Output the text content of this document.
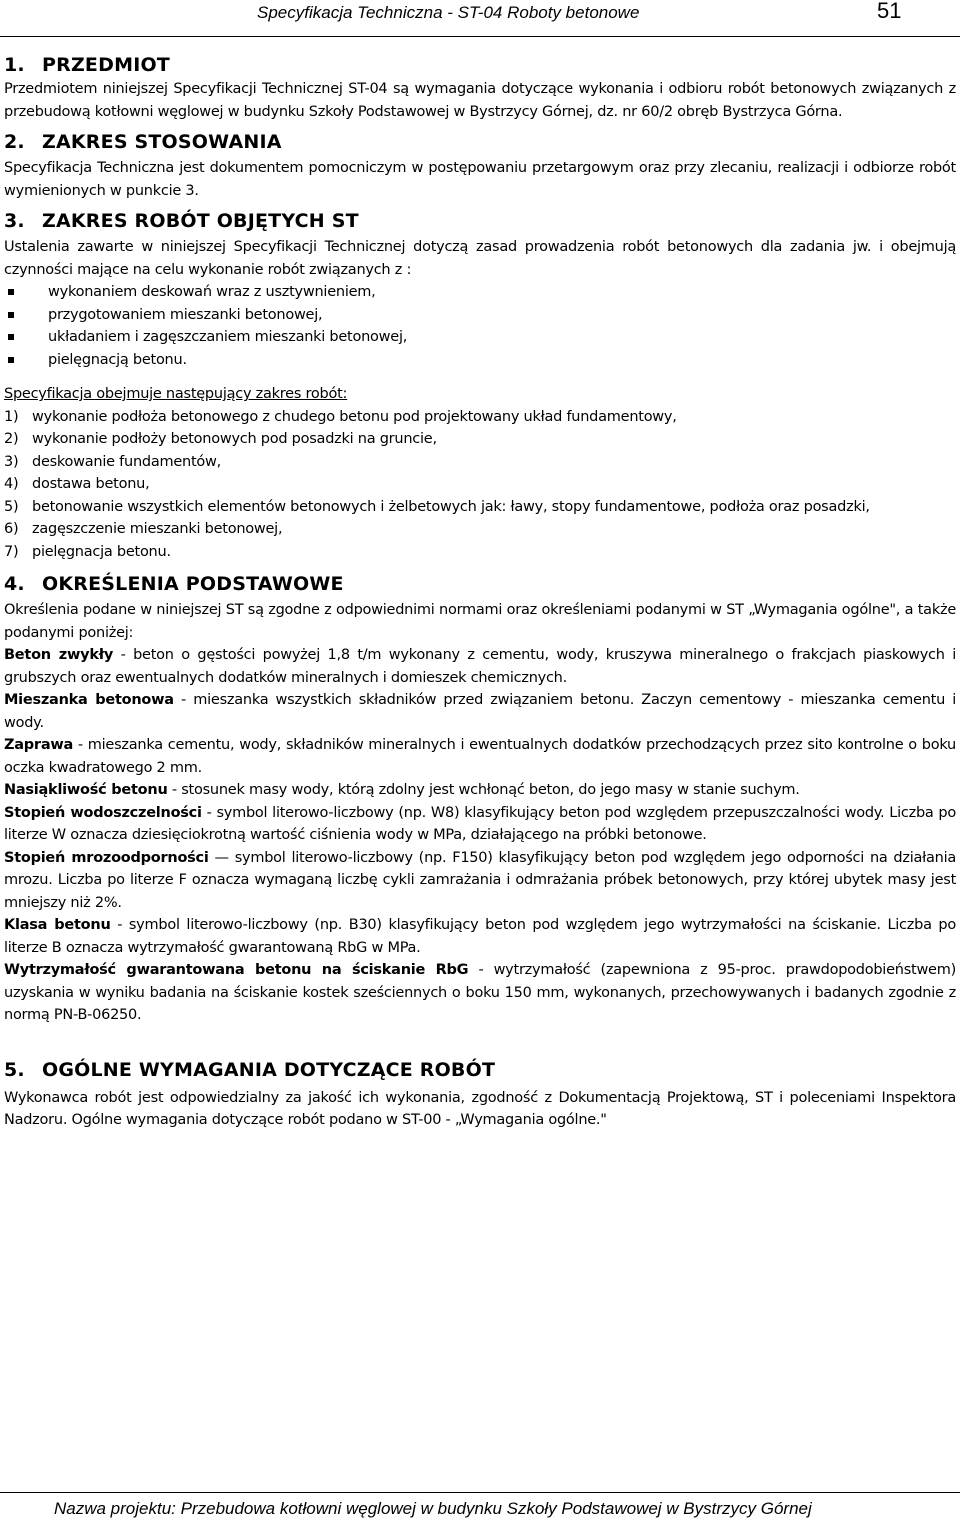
Specyfikacja Techniczna - ST-04 Roboty betonowe	51
1. PRZEDMIOT

Przedmiotem niniejszej Specyfikacji Technicznej ST-04 są wymagania dotyczące wykonania i odbioru robót betonowych związanych z przebudową kotłowni węglowej w budynku Szkoły Podstawowej w Bystrzycy Górnej, dz. nr 60/2 obręb Bystrzyca Górna.

2. ZAKRES STOSOWANIA

Specyfikacja Techniczna jest dokumentem pomocniczym w postępowaniu przetargowym oraz przy zlecaniu, realizacji i odbiorze robót wymienionych w punkcie 3.

3. ZAKRES ROBÓT OBJĘTYCH ST

Ustalenia zawarte w niniejszej Specyfikacji Technicznej dotyczą zasad prowadzenia robót betonowych dla zadania jw. i obejmują czynności mające na celu wykonanie robót związanych z :

wykonaniem deskowań wraz z usztywnieniem,
przygotowaniem mieszanki betonowej,
układaniem i zagęszczaniem mieszanki betonowej,
pielęgnacją betonu.

Specyfikacja obejmuje następujący zakres robót:

1) wykonanie podłoża betonowego z chudego betonu pod projektowany układ fundamentowy,
2) wykonanie podłoży betonowych pod posadzki na gruncie,
3) deskowanie fundamentów,
4) dostawa betonu,
5) betonowanie wszystkich elementów betonowych i żelbetowych jak: ławy, stopy fundamentowe, podłoża oraz posadzki,
6) zagęszczenie mieszanki betonowej,
7) pielęgnacja betonu.
4. OKREŚLENIA PODSTAWOWE

Określenia podane w niniejszej ST są zgodne z odpowiednimi normami oraz określeniami podanymi w ST „Wymagania ogólne", a także podanymi poniżej:

Beton zwykły - beton o gęstości powyżej 1,8 t/m wykonany z cementu, wody, kruszywa mineralnego o frakcjach piaskowych i grubszych oraz ewentualnych dodatków mineralnych i domieszek chemicznych.

Mieszanka betonowa - mieszanka wszystkich składników przed związaniem betonu. Zaczyn cementowy - mieszanka cementu i wody.

Zaprawa - mieszanka cementu, wody, składników mineralnych i ewentualnych dodatków przechodzących przez sito kontrolne o boku oczka kwadratowego 2 mm.

Nasiąkliwość betonu - stosunek masy wody, którą zdolny jest wchłonąć beton, do jego masy w stanie suchym.

Stopień wodoszczelności - symbol literowo-liczbowy (np. W8) klasyfikujący beton pod względem przepuszczalności wody. Liczba po literze W oznacza dziesięciokrotną wartość ciśnienia wody w MPa, działającego na próbki betonowe.

Stopień mrozoodporności — symbol literowo-liczbowy (np. F150) klasyfikujący beton pod względem jego odporności na działania mrozu. Liczba po literze F oznacza wymaganą liczbę cykli zamrażania i odmrażania próbek betonowych, przy której ubytek masy jest mniejszy niż 2%.

Klasa betonu - symbol literowo-liczbowy (np. B30) klasyfikujący beton pod względem jego wytrzymałości na ściskanie. Liczba po literze B oznacza wytrzymałość gwarantowaną RbG w MPa.

Wytrzymałość gwarantowana betonu na ściskanie RbG - wytrzymałość (zapewniona z 95-proc. prawdopodobieństwem) uzyskania w wyniku badania na ściskanie kostek sześciennych o boku 150 mm, wykonanych, przechowywanych i badanych zgodnie z normą PN-B-06250.

5. OGÓLNE WYMAGANIA DOTYCZĄCE ROBÓT

Wykonawca robót jest odpowiedzialny za jakość ich wykonania, zgodność z Dokumentacją Projektową, ST i poleceniami Inspektora Nadzoru. Ogólne wymagania dotyczące robót podano w ST-00 - „Wymagania ogólne."

Nazwa projektu: Przebudowa kotłowni węglowej w budynku Szkoły Podstawowej w Bystrzycy Górnej
